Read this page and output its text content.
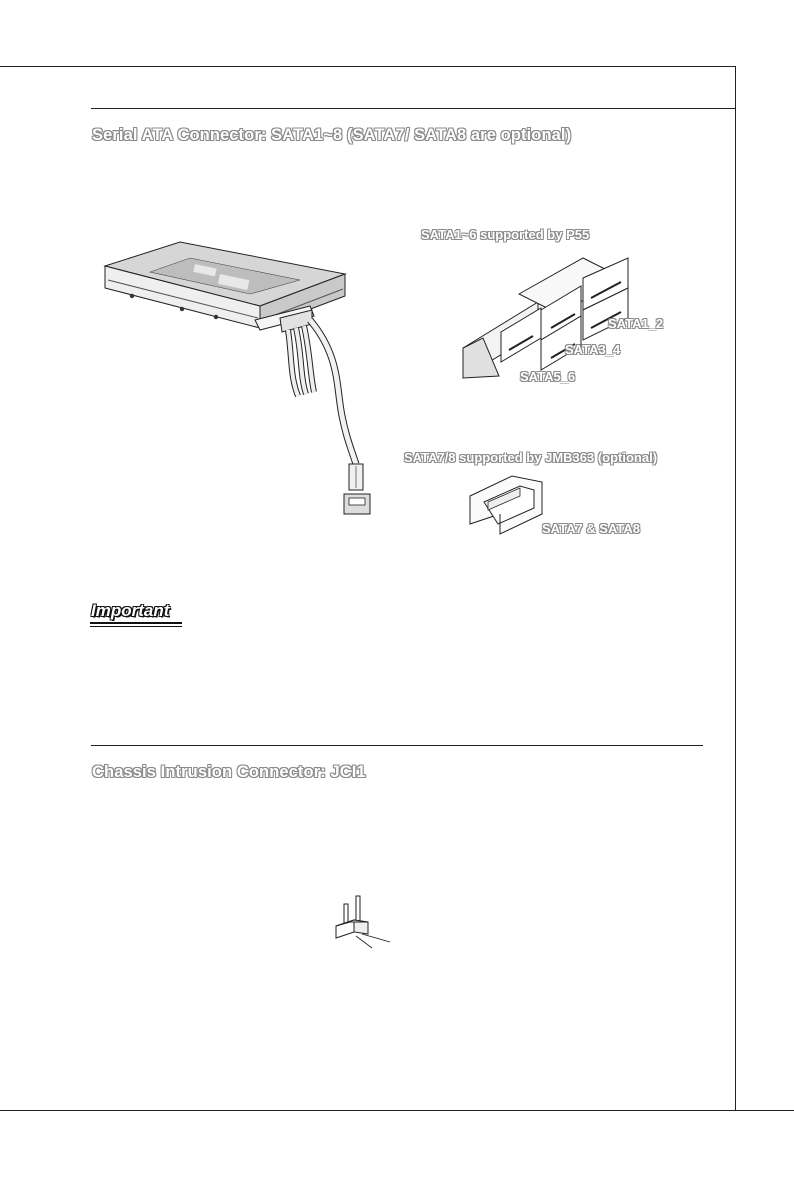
Serial ATA Connector: SATA1~8 (SATA7/ SATA8 are optional)
SATA1~6 supported by P55
SATA1_2
SATA3_4
SATA5_6
SATA7/8 supported by JMB363 (optional)
SATA7 & SATA8
Important
Chassis Intrusion Connector: JCI1
